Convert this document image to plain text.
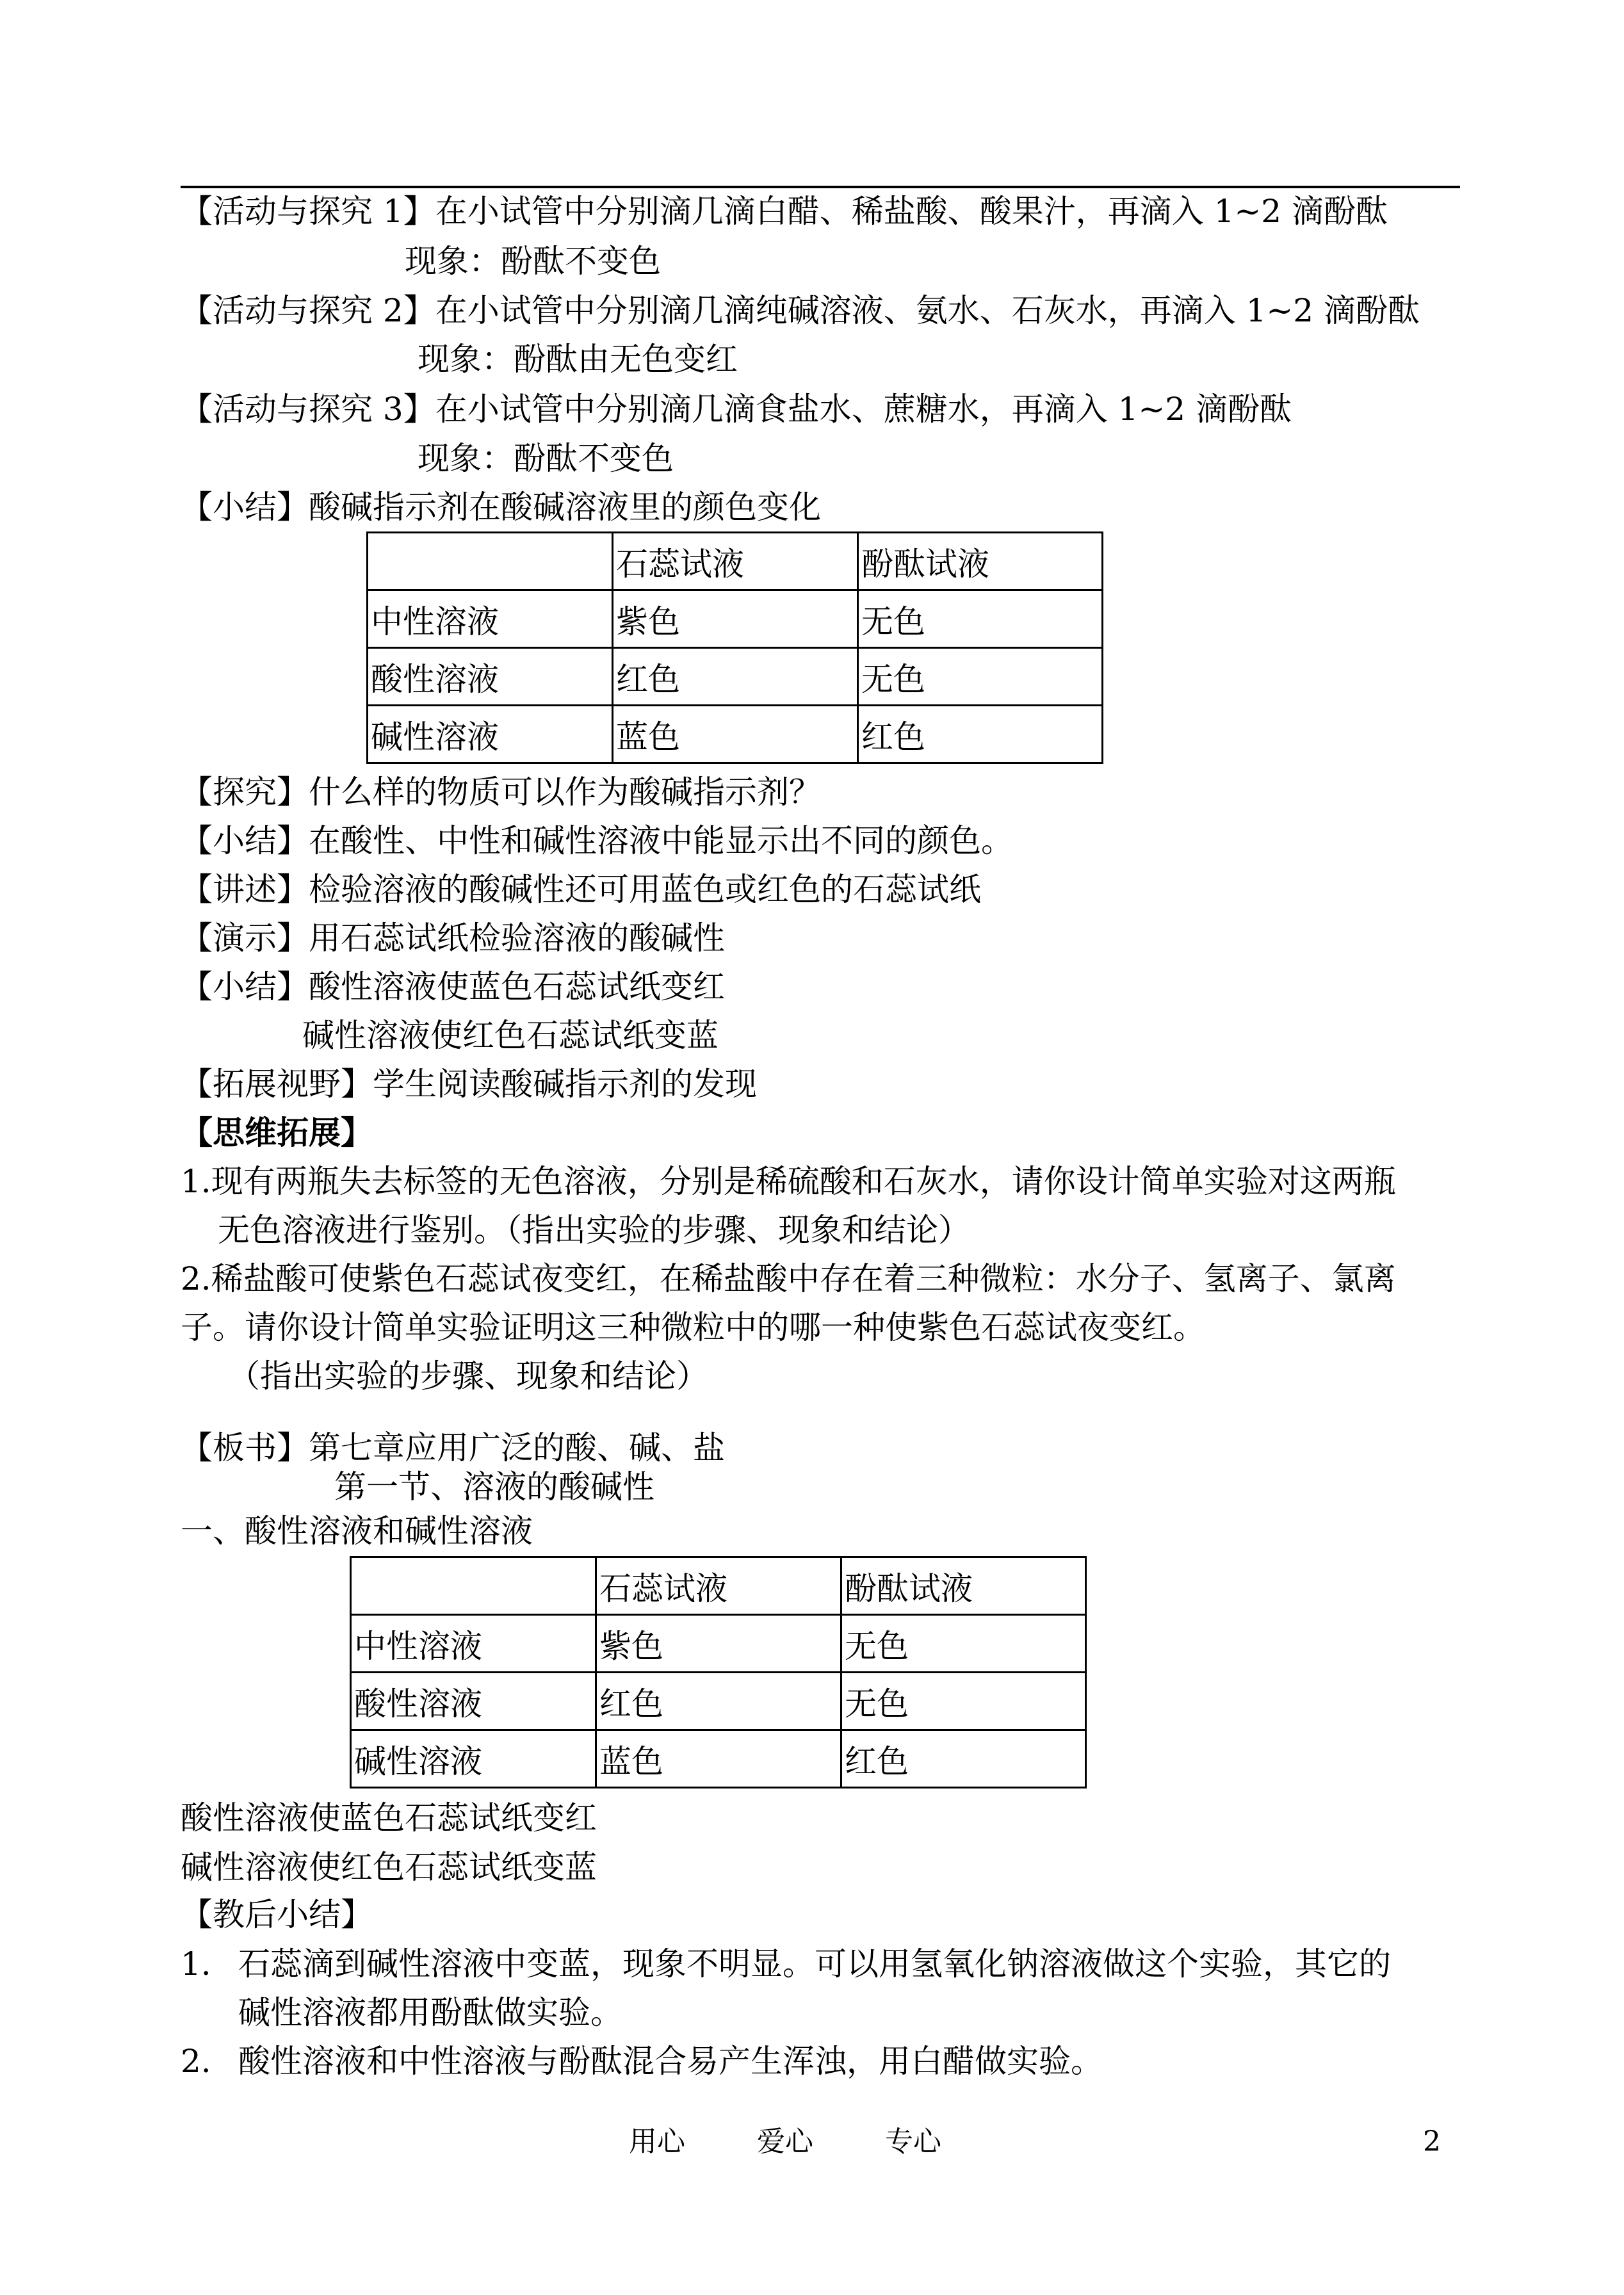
【活动与探究 1】在小试管中分别滴几滴白醋、稀盐酸、酸果汁，再滴入 1~2 滴酚酞
现象：酚酞不变色
【活动与探究 2】在小试管中分别滴几滴纯碱溶液、氨水、石灰水，再滴入 1~2 滴酚酞
现象：酚酞由无色变红
【活动与探究 3】在小试管中分别滴几滴食盐水、蔗糖水，再滴入 1~2 滴酚酞
现象：酚酞不变色
【小结】酸碱指示剂在酸碱溶液里的颜色变化
	石蕊试液	酚酞试液
中性溶液	紫色	无色
酸性溶液	红色	无色
碱性溶液	蓝色	红色
【探究】什么样的物质可以作为酸碱指示剂？
【小结】在酸性、中性和碱性溶液中能显示出不同的颜色。
【讲述】检验溶液的酸碱性还可用蓝色或红色的石蕊试纸
【演示】用石蕊试纸检验溶液的酸碱性
【小结】酸性溶液使蓝色石蕊试纸变红
碱性溶液使红色石蕊试纸变蓝
【拓展视野】学生阅读酸碱指示剂的发现
【思维拓展】
1.现有两瓶失去标签的无色溶液，分别是稀硫酸和石灰水，请你设计简单实验对这两瓶
无色溶液进行鉴别。（指出实验的步骤、现象和结论）
2.稀盐酸可使紫色石蕊试夜变红，在稀盐酸中存在着三种微粒：水分子、氢离子、氯离
子。请你设计简单实验证明这三种微粒中的哪一种使紫色石蕊试夜变红。
（指出实验的步骤、现象和结论）
【板书】第七章应用广泛的酸、碱、盐
第一节、溶液的酸碱性
一、酸性溶液和碱性溶液
	石蕊试液	酚酞试液
中性溶液	紫色	无色
酸性溶液	红色	无色
碱性溶液	蓝色	红色
酸性溶液使蓝色石蕊试纸变红
碱性溶液使红色石蕊试纸变蓝
【教后小结】
1. 石蕊滴到碱性溶液中变蓝，现象不明显。可以用氢氧化钠溶液做这个实验，其它的
碱性溶液都用酚酞做实验。
2. 酸性溶液和中性溶液与酚酞混合易产生浑浊，用白醋做实验。
用心	爱心	专心	2
